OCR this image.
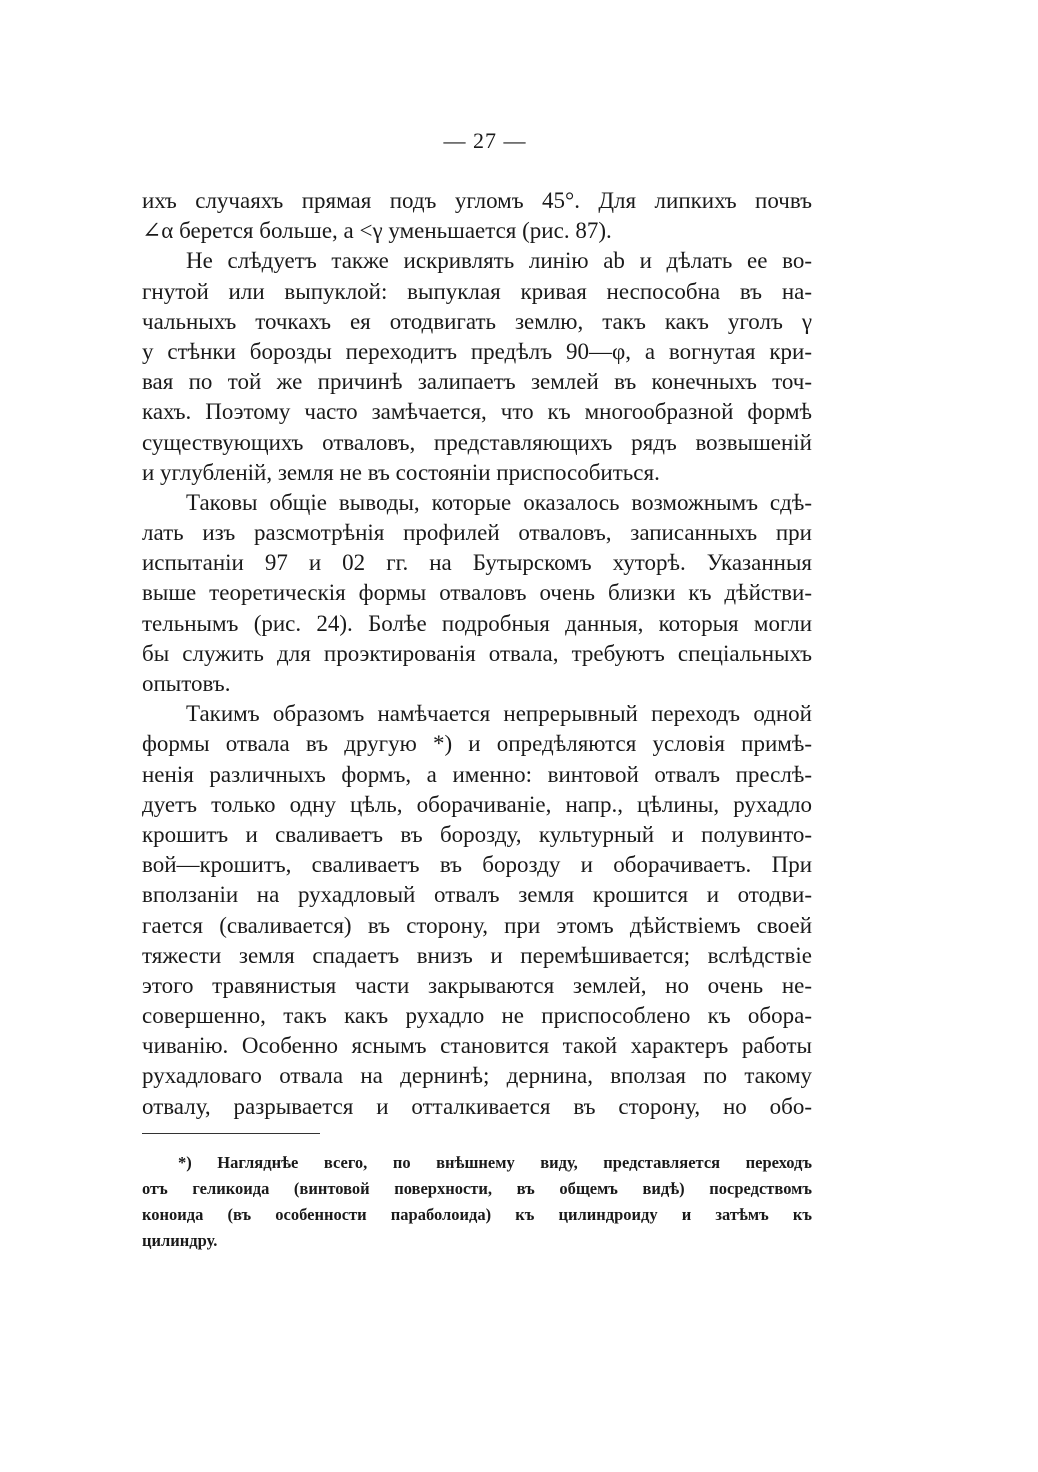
— 27 —
ихъ случаяхъ прямая подъ угломъ 45°. Для липкихъ почвъ
∠α берется больше, а <γ уменьшается (рис. 87).
Не слѣдуетъ также искривлять линію ab и дѣлать ее во-
гнутой или выпуклой: выпуклая кривая неспособна въ на-
чальныхъ точкахъ ея отодвигать землю, такъ какъ уголъ γ
у стѣнки борозды переходитъ предѣлъ 90—φ, а вогнутая кри-
вая по той же причинѣ залипаетъ землей въ конечныхъ точ-
кахъ. Поэтому часто замѣчается, что къ многообразной формѣ
существующихъ отваловъ, представляющихъ рядъ возвышеній
и углубленій, земля не въ состояніи приспособиться.
Таковы общіе выводы, которые оказалось возможнымъ сдѣ-
лать изъ разсмотрѣнія профилей отваловъ, записанныхъ при
испытаніи 97 и 02 гг. на Бутырскомъ хуторѣ. Указанныя
выше теоретическія формы отваловъ очень близки къ дѣйстви-
тельнымъ (рис. 24). Болѣе подробныя данныя, которыя могли
бы служить для проэктированія отвала, требуютъ спеціальныхъ
опытовъ.
Такимъ образомъ намѣчается непрерывный переходъ одной
формы отвала въ другую *) и опредѣляются условія примѣ-
ненія различныхъ формъ, а именно: винтовой отвалъ преслѣ-
дуетъ только одну цѣль, оборачиваніе, напр., цѣлины, рухадло
крошитъ и сваливаетъ въ борозду, культурный и полувинто-
вой—крошитъ, сваливаетъ въ борозду и оборачиваетъ. При
вползаніи на рухадловый отвалъ земля крошится и отодви-
гается (сваливается) въ сторону, при этомъ дѣйствіемъ своей
тяжести земля спадаетъ внизъ и перемѣшивается; вслѣдствіе
этого травянистыя части закрываются землей, но очень не-
совершенно, такъ какъ рухадло не приспособлено къ обора-
чиванію. Особенно яснымъ становится такой характеръ работы
рухадловаго отвала на дернинѣ; дернина, вползая по такому
отвалу, разрывается и отталкивается въ сторону, но обо-
*) Нагляднѣе всего, по внѣшнему виду, представляется переходъ
отъ геликоида (винтовой поверхности, въ общемъ видѣ) посредствомъ
коноида (въ особенности параболоида) къ цилиндроиду и затѣмъ къ
цилиндру.
